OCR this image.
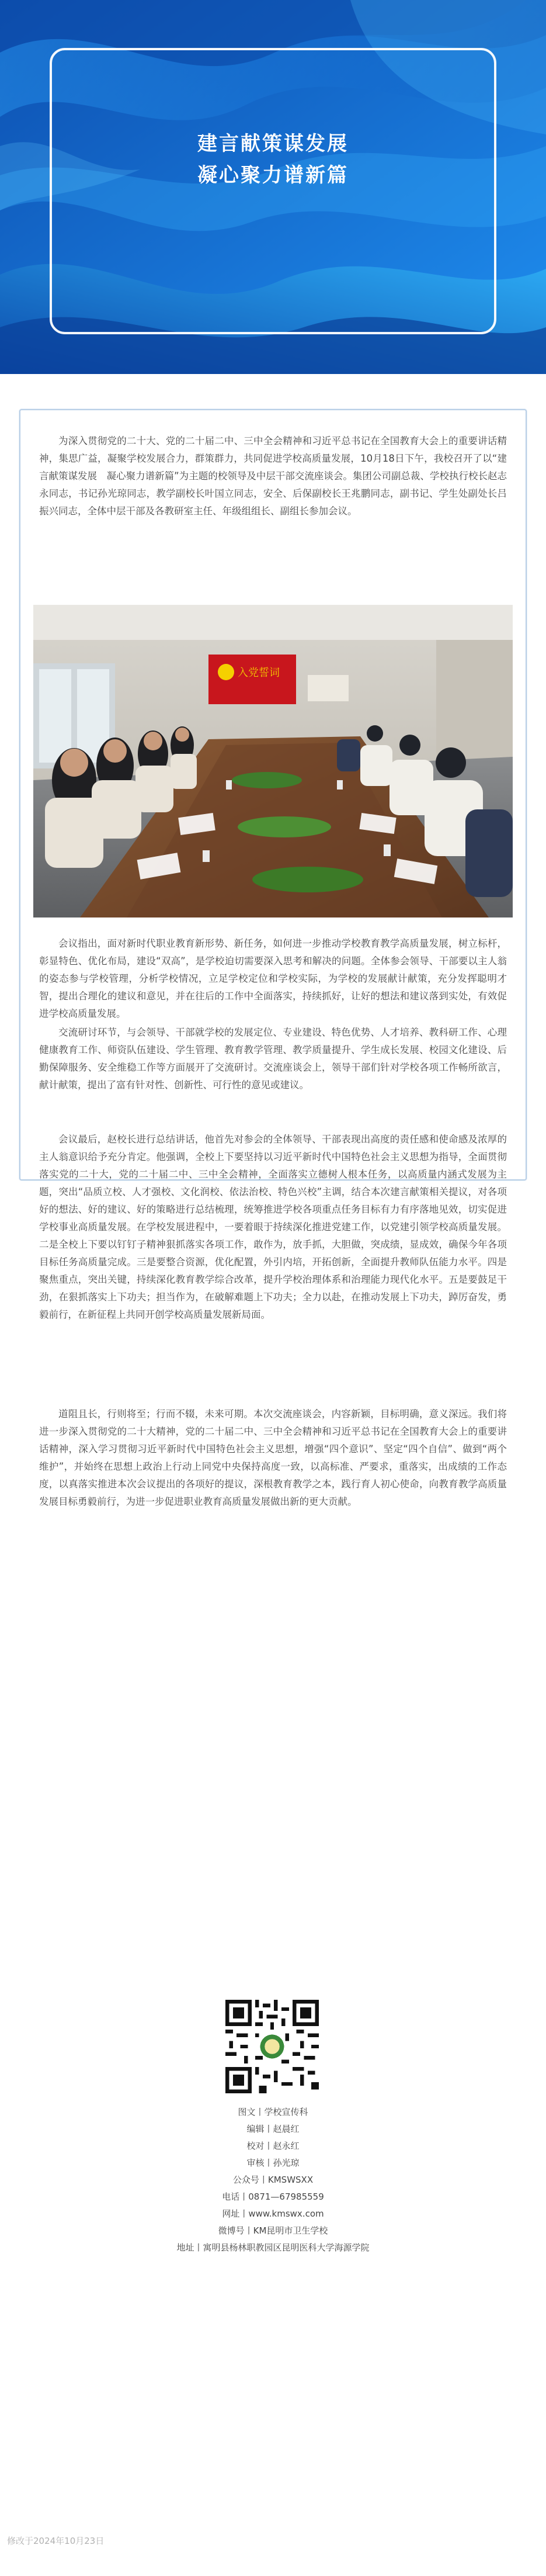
建言献策谋发展
凝心聚力谱新篇

为深入贯彻党的二十大、党的二十届二中、三中全会精神和习近平总书记在全国教育大会上的重要讲话精神，集思广益，凝聚学校发展合力，群策群力，共同促进学校高质量发展，10月18日下午，我校召开了以“建言献策谋发展　凝心聚力谱新篇”为主题的校领导及中层干部交流座谈会。集团公司副总裁、学校执行校长赵志永同志，书记孙光琼同志，教学副校长叶国立同志，安全、后保副校长王兆鹏同志，副书记、学生处副处长吕振兴同志，全体中层干部及各教研室主任、年级组组长、副组长参加会议。

入党誓词

会议指出，面对新时代职业教育新形势、新任务，如何进一步推动学校教育教学高质量发展，树立标杆，彰显特色、优化布局，建设“双高”，是学校迫切需要深入思考和解决的问题。全体参会领导、干部要以主人翁的姿态参与学校管理，分析学校情况，立足学校定位和学校实际，为学校的发展献计献策，充分发挥聪明才智，提出合理化的建议和意见，并在往后的工作中全面落实，持续抓好，让好的想法和建议落到实处，有效促进学校高质量发展。

交流研讨环节，与会领导、干部就学校的发展定位、专业建设、特色优势、人才培养、教科研工作、心理健康教育工作、师资队伍建设、学生管理、教育教学管理、教学质量提升、学生成长发展、校园文化建设、后勤保障服务、安全维稳工作等方面展开了交流研讨。交流座谈会上，领导干部们针对学校各项工作畅所欲言，献计献策，提出了富有针对性、创新性、可行性的意见或建议。

会议最后，赵校长进行总结讲话，他首先对参会的全体领导、干部表现出高度的责任感和使命感及浓厚的主人翁意识给予充分肯定。他强调，全校上下要坚持以习近平新时代中国特色社会主义思想为指导，全面贯彻落实党的二十大，党的二十届二中、三中全会精神，全面落实立德树人根本任务，以高质量内涵式发展为主题，突出“品质立校、人才强校、文化润校、依法治校、特色兴校”主调，结合本次建言献策相关提议，对各项好的想法、好的建议、好的策略进行总结梳理，统筹推进学校各项重点任务目标有力有序落地见效，切实促进学校事业高质量发展。在学校发展进程中，一要着眼于持续深化推进党建工作，以党建引领学校高质量发展。二是全校上下要以钉钉子精神狠抓落实各项工作，敢作为，放手抓，大胆做，突成绩，显成效，确保今年各项目标任务高质量完成。三是要整合资源，优化配置，外引内培，开拓创新，全面提升教师队伍能力水平。四是聚焦重点，突出关键，持续深化教育教学综合改革，提升学校治理体系和治理能力现代化水平。五是要鼓足干劲，在狠抓落实上下功夫；担当作为，在破解难题上下功夫；全力以赴，在推动发展上下功夫，踔厉奋发，勇毅前行，在新征程上共同开创学校高质量发展新局面。

道阻且长，行则将至；行而不辍，未来可期。本次交流座谈会，内容新颖，目标明确，意义深远。我们将进一步深入贯彻党的二十大精神，党的二十届二中、三中全会精神和习近平总书记在全国教育大会上的重要讲话精神，深入学习贯彻习近平新时代中国特色社会主义思想，增强“四个意识”、坚定“四个自信”、做到“两个维护”，并始终在思想上政治上行动上同党中央保持高度一致，以高标准、严要求，重落实，出成绩的工作态度，以真落实推进本次会议提出的各项好的提议，深根教育教学之本，践行育人初心使命，向教育教学高质量发展目标勇毅前行，为进一步促进职业教育高质量发展做出新的更大贡献。

图文丨学校宣传科
编辑丨赵晨红
校对丨赵永红
审核丨孙光琼
公众号丨KMSWSXX
电话丨0871—67985559
网址丨www.kmswx.com
微博号丨KM昆明市卫生学校
地址丨寓明县杨林职教园区昆明医科大学海源学院
修改于2024年10月23日
